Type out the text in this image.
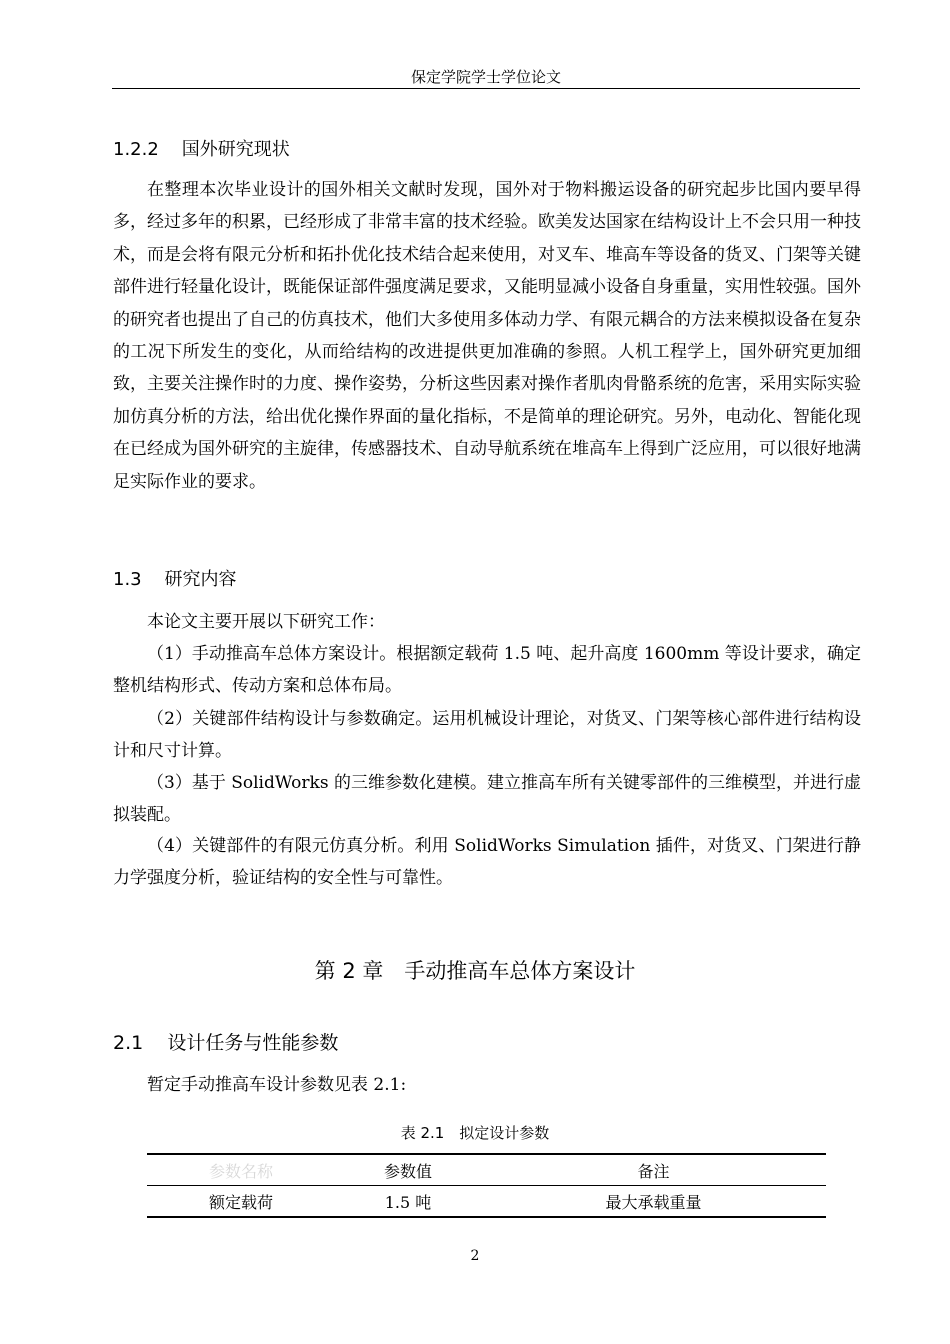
保定学院学士学位论文
1.2.2 国外研究现状

在整理本次毕业设计的国外相关文献时发现，国外对于物料搬运设备的研究起步比国内要早得多，经过多年的积累，已经形成了非常丰富的技术经验。欧美发达国家在结构设计上不会只用一种技术，而是会将有限元分析和拓扑优化技术结合起来使用，对叉车、堆高车等设备的货叉、门架等关键部件进行轻量化设计，既能保证部件强度满足要求，又能明显减小设备自身重量，实用性较强。国外的研究者也提出了自己的仿真技术，他们大多使用多体动力学、有限元耦合的方法来模拟设备在复杂的工况下所发生的变化，从而给结构的改进提供更加准确的参照。人机工程学上，国外研究更加细致，主要关注操作时的力度、操作姿势，分析这些因素对操作者肌肉骨骼系统的危害，采用实际实验加仿真分析的方法，给出优化操作界面的量化指标，不是简单的理论研究。另外，电动化、智能化现在已经成为国外研究的主旋律，传感器技术、自动导航系统在堆高车上得到广泛应用，可以很好地满足实际作业的要求。

1.3 研究内容

本论文主要开展以下研究工作：

（1）手动推高车总体方案设计。根据额定载荷 1.5 吨、起升高度 1600mm 等设计要求，确定整机结构形式、传动方案和总体布局。

（2）关键部件结构设计与参数确定。运用机械设计理论，对货叉、门架等核心部件进行结构设计和尺寸计算。

（3）基于 SolidWorks 的三维参数化建模。建立推高车所有关键零部件的三维模型，并进行虚拟装配。

（4）关键部件的有限元仿真分析。利用 SolidWorks Simulation 插件，对货叉、门架进行静力学强度分析，验证结构的安全性与可靠性。

第 2 章　手动推高车总体方案设计
2.1 设计任务与性能参数

暂定手动推高车设计参数见表 2.1:

表 2.1　拟定设计参数
参数名称	参数值	备注
额定载荷	1.5 吨	最大承载重量
2
